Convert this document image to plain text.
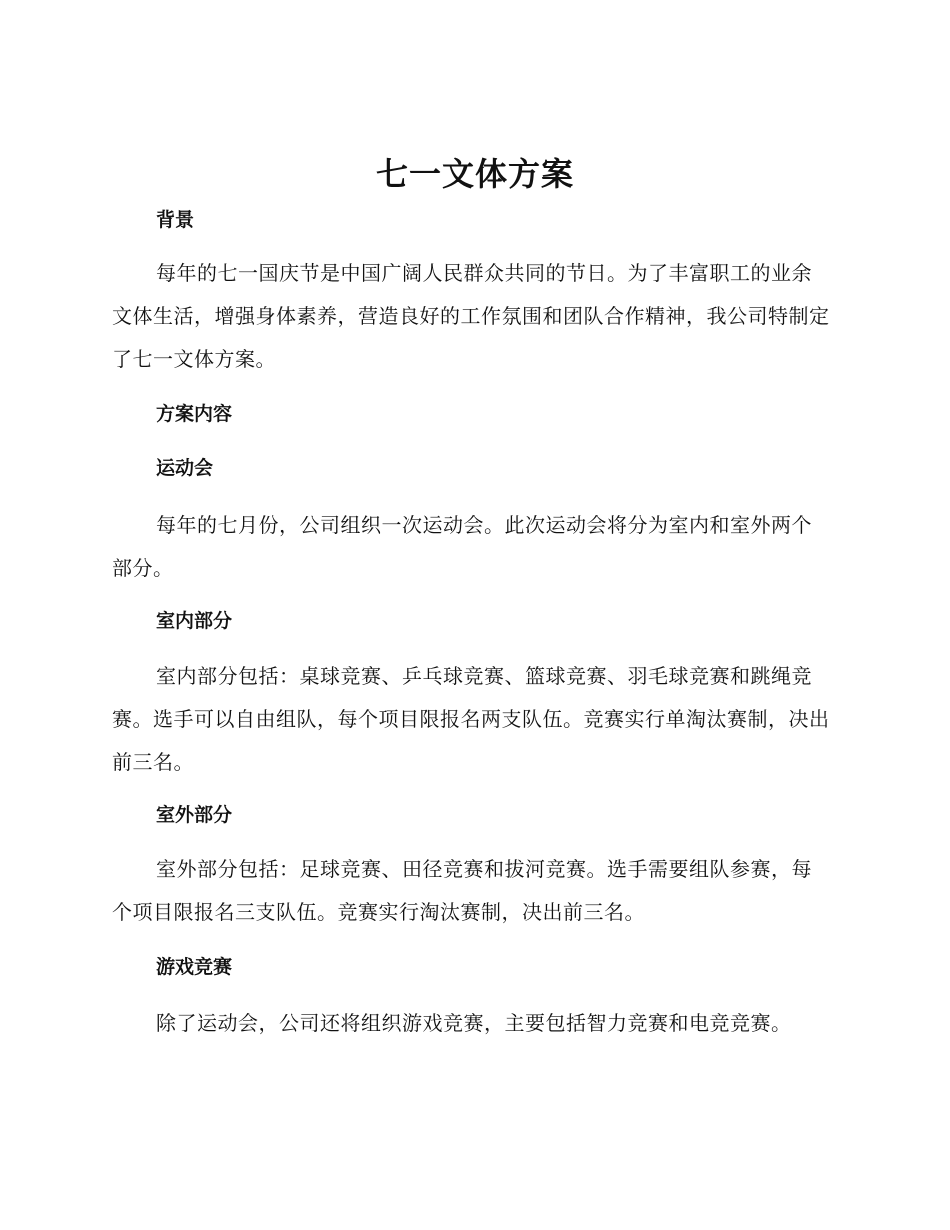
七一文体方案
背景

每年的七一国庆节是中国广阔人民群众共同的节日。为了丰富职工的业余文体生活，增强身体素养，营造良好的工作氛围和团队合作精神，我公司特制定了七一文体方案。

方案内容
运动会

每年的七月份，公司组织一次运动会。此次运动会将分为室内和室外两个部分。

室内部分

室内部分包括：桌球竞赛、乒乓球竞赛、篮球竞赛、羽毛球竞赛和跳绳竞赛。选手可以自由组队，每个项目限报名两支队伍。竞赛实行单淘汰赛制，决出前三名。

室外部分

室外部分包括：足球竞赛、田径竞赛和拔河竞赛。选手需要组队参赛，每个项目限报名三支队伍。竞赛实行淘汰赛制，决出前三名。

游戏竞赛

除了运动会，公司还将组织游戏竞赛，主要包括智力竞赛和电竞竞赛。
